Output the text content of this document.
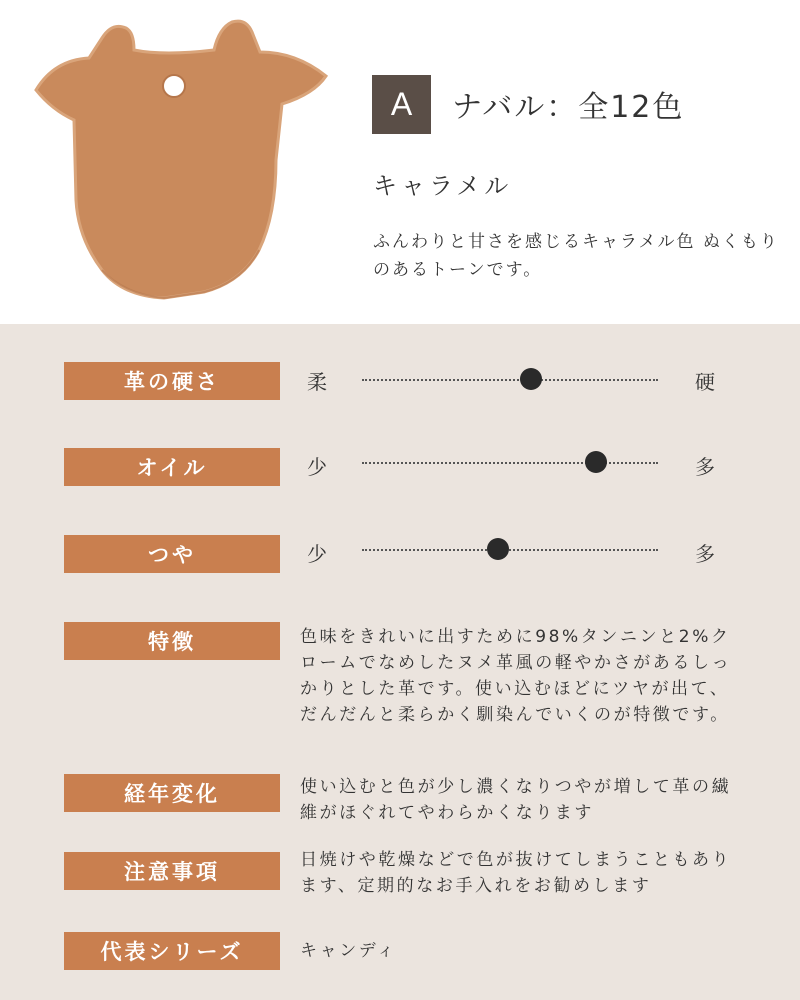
A	ナバル：全12色
キャラメル
ふんわりと甘さを感じるキャラメル色 ぬくもりのあるトーンです。
革の硬さ	柔	硬
オイル	少	多
つや	少	多
特徴	色味をきれいに出すために98%タンニンと2%クロームでなめしたヌメ革風の軽やかさがあるしっかりとした革です。使い込むほどにツヤが出て、だんだんと柔らかく馴染んでいくのが特徴です。
経年変化	使い込むと色が少し濃くなりつやが増して革の繊維がほぐれてやわらかくなります
注意事項	日焼けや乾燥などで色が抜けてしまうこともあります、定期的なお手入れをお勧めします
代表シリーズ	キャンディ
